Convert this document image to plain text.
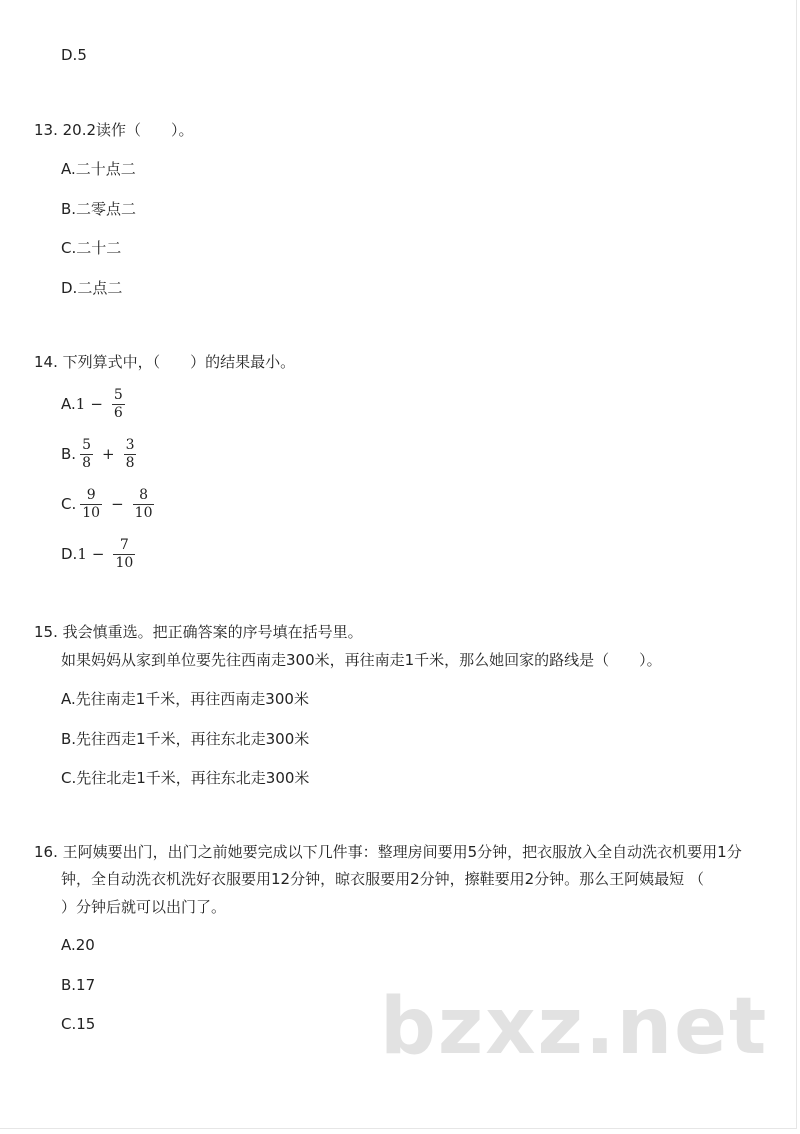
D.5
13. 20.2读作（　　）。
A.二十点二
B.二零点二
C.二十二
D.二点二
14. 下列算式中，（　　）的结果最小。
A. $1 - \frac{5}{6}$
B. $\frac{5}{8} + \frac{3}{8}$
C. $\frac{9}{10} - \frac{8}{10}$
D. $1 - \frac{7}{10}$
15. 我会慎重选。把正确答案的序号填在括号里。
如果妈妈从家到单位要先往西南走300米，再往南走1千米，那么她回家的路线是（　　）。
A.先往南走1千米，再往西南走300米
B.先往西走1千米，再往东北走300米
C.先往北走1千米，再往东北走300米
16. 王阿姨要出门，出门之前她要完成以下几件事：整理房间要用5分钟，把衣服放入全自动洗衣机要用1分
钟，全自动洗衣机洗好衣服要用12分钟，晾衣服要用2分钟，擦鞋要用2分钟。那么王阿姨最短 （
）分钟后就可以出门了。
A.20
B.17
C.15	bzxz.net
